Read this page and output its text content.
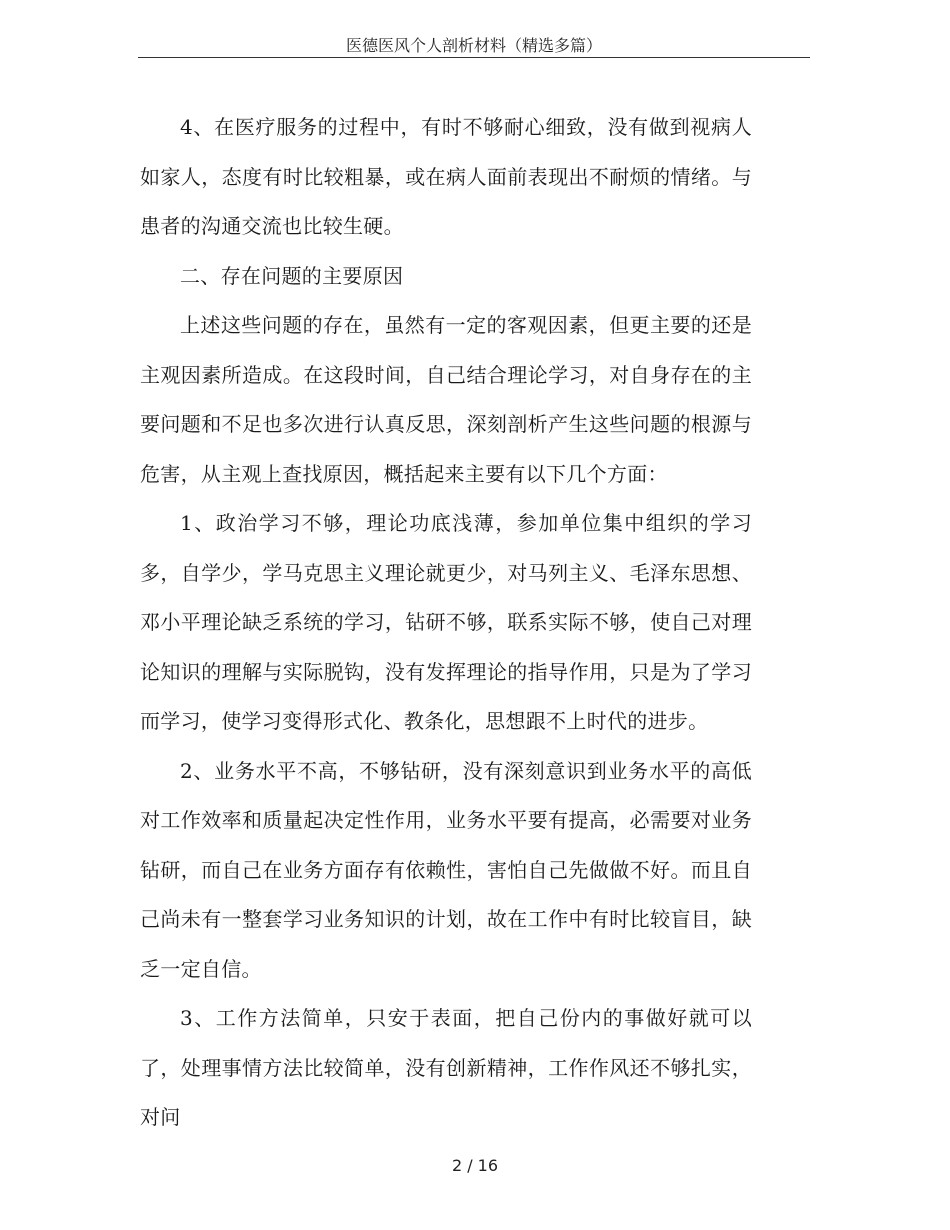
医德医风个人剖析材料（精选多篇）

4、在医疗服务的过程中，有时不够耐心细致，没有做到视病人如家人，态度有时比较粗暴，或在病人面前表现出不耐烦的情绪。与患者的沟通交流也比较生硬。

二、存在问题的主要原因

上述这些问题的存在，虽然有一定的客观因素，但更主要的还是主观因素所造成。在这段时间，自己结合理论学习，对自身存在的主要问题和不足也多次进行认真反思，深刻剖析产生这些问题的根源与危害，从主观上查找原因，概括起来主要有以下几个方面：

1、政治学习不够，理论功底浅薄，参加单位集中组织的学习多，自学少，学马克思主义理论就更少，对马列主义、毛泽东思想、邓小平理论缺乏系统的学习，钻研不够，联系实际不够，使自己对理论知识的理解与实际脱钩，没有发挥理论的指导作用，只是为了学习而学习，使学习变得形式化、教条化，思想跟不上时代的进步。

2、业务水平不高，不够钻研，没有深刻意识到业务水平的高低对工作效率和质量起决定性作用，业务水平要有提高，必需要对业务钻研，而自己在业务方面存有依赖性，害怕自己先做做不好。而且自己尚未有一整套学习业务知识的计划，故在工作中有时比较盲目，缺乏一定自信。

3、工作方法简单，只安于表面，把自己份内的事做好就可以了，处理事情方法比较简单，没有创新精神，工作作风还不够扎实，对问

2 / 16
